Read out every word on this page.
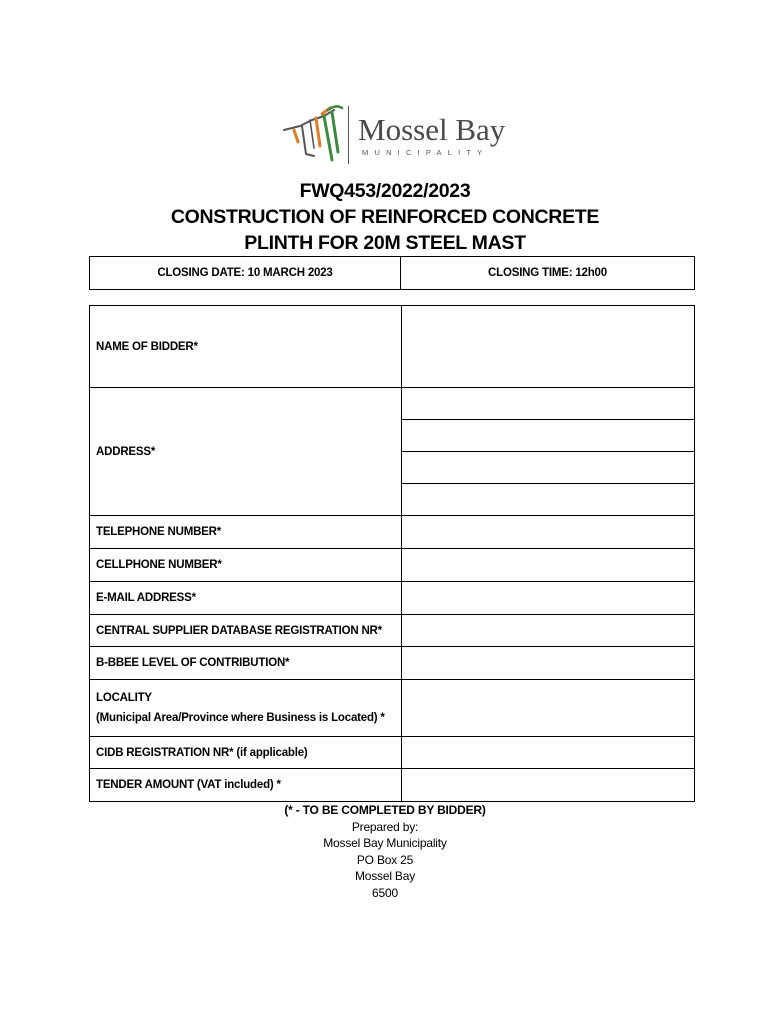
Mossel Bay
MUNICIPALITY
FWQ453/2022/2023
CONSTRUCTION OF REINFORCED CONCRETE
PLINTH FOR 20M STEEL MAST
CLOSING DATE: 10 MARCH 2023	CLOSING TIME: 12h00
NAME OF BIDDER*	
ADDRESS*	

TELEPHONE NUMBER*	
CELLPHONE NUMBER*	
E-MAIL ADDRESS*	
CENTRAL SUPPLIER DATABASE REGISTRATION NR*	
B-BBEE LEVEL OF CONTRIBUTION*	
LOCALITY
(Municipal Area/Province where Business is Located) *	

CIDB REGISTRATION NR* (if applicable)	
TENDER AMOUNT (VAT included) *	
(* - TO BE COMPLETED BY BIDDER)
Prepared by:
Mossel Bay Municipality
PO Box 25
Mossel Bay
6500
